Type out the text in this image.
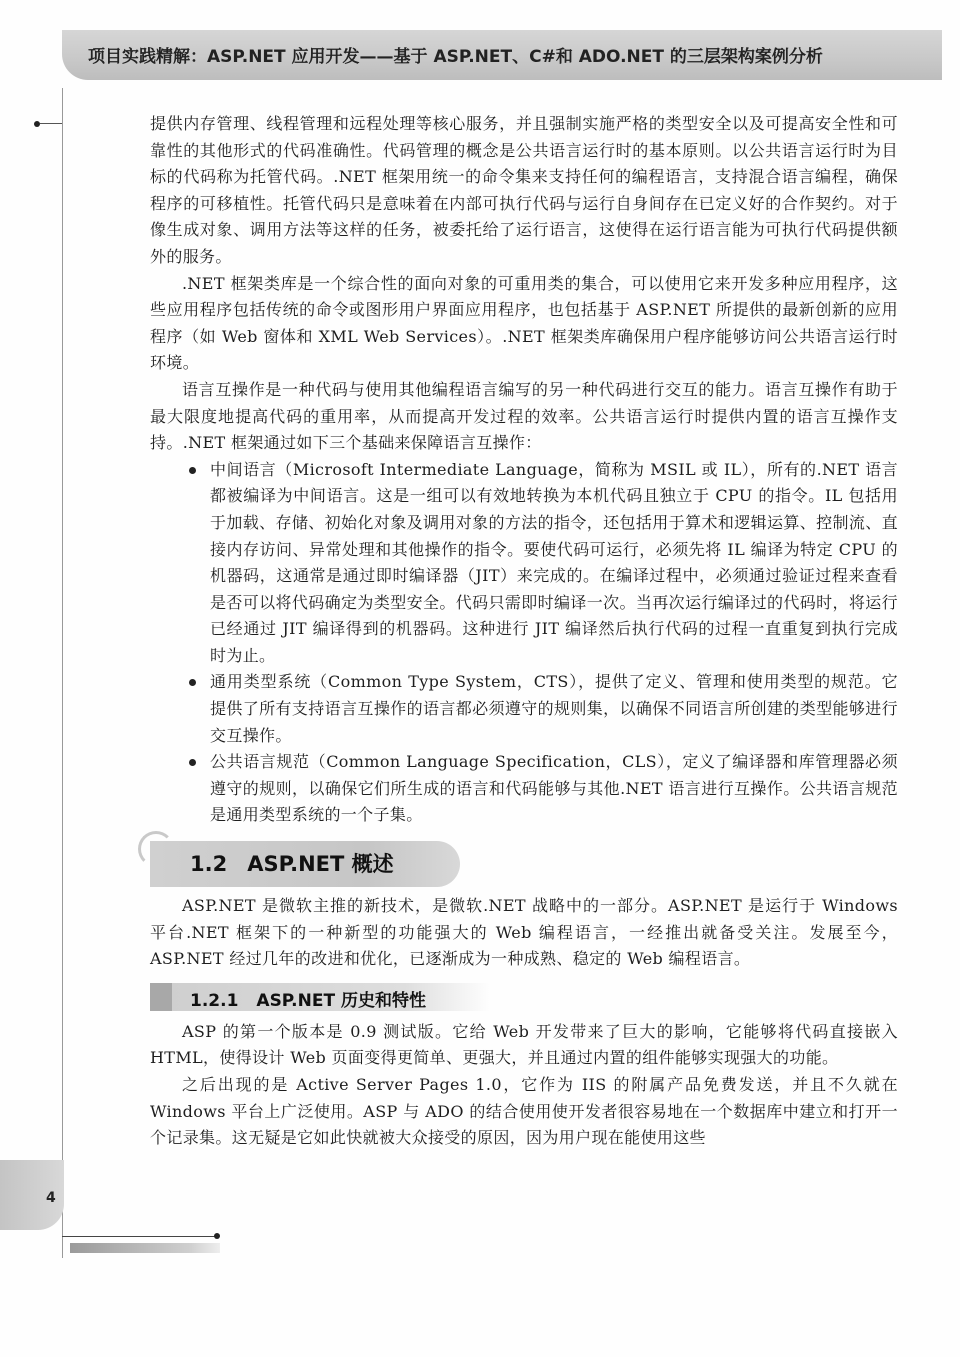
项目实践精解：ASP.NET 应用开发——基于 ASP.NET、C#和 ADO.NET 的三层架构案例分析

提供内存管理、线程管理和远程处理等核心服务，并且强制实施严格的类型安全以及可提高安全性和可靠性的其他形式的代码准确性。代码管理的概念是公共语言运行时的基本原则。以公共语言运行时为目标的代码称为托管代码。.NET 框架用统一的命令集来支持任何的编程语言，支持混合语言编程，确保程序的可移植性。托管代码只是意味着在内部可执行代码与运行自身间存在已定义好的合作契约。对于像生成对象、调用方法等这样的任务，被委托给了运行语言，这使得在运行语言能为可执行代码提供额外的服务。

.NET 框架类库是一个综合性的面向对象的可重用类的集合，可以使用它来开发多种应用程序，这些应用程序包括传统的命令或图形用户界面应用程序，也包括基于 ASP.NET 所提供的最新创新的应用程序（如 Web 窗体和 XML Web Services）。.NET 框架类库确保用户程序能够访问公共语言运行时环境。

语言互操作是一种代码与使用其他编程语言编写的另一种代码进行交互的能力。语言互操作有助于最大限度地提高代码的重用率，从而提高开发过程的效率。公共语言运行时提供内置的语言互操作支持。.NET 框架通过如下三个基础来保障语言互操作：

中间语言（Microsoft Intermediate Language，简称为 MSIL 或 IL），所有的.NET 语言都被编译为中间语言。这是一组可以有效地转换为本机代码且独立于 CPU 的指令。IL 包括用于加载、存储、初始化对象及调用对象的方法的指令，还包括用于算术和逻辑运算、控制流、直接内存访问、异常处理和其他操作的指令。要使代码可运行，必须先将 IL 编译为特定 CPU 的机器码，这通常是通过即时编译器（JIT）来完成的。在编译过程中，必须通过验证过程来查看是否可以将代码确定为类型安全。代码只需即时编译一次。当再次运行编译过的代码时，将运行已经通过 JIT 编译得到的机器码。这种进行 JIT 编译然后执行代码的过程一直重复到执行完成时为止。
通用类型系统（Common Type System，CTS），提供了定义、管理和使用类型的规范。它提供了所有支持语言互操作的语言都必须遵守的规则集，以确保不同语言所创建的类型能够进行交互操作。
公共语言规范（Common Language Specification，CLS），定义了编译器和库管理器必须遵守的规则，以确保它们所生成的语言和代码能够与其他.NET 语言进行互操作。公共语言规范是通用类型系统的一个子集。
1.2 ASP.NET 概述

ASP.NET 是微软主推的新技术，是微软.NET 战略中的一部分。ASP.NET 是运行于 Windows 平台.NET 框架下的一种新型的功能强大的 Web 编程语言，一经推出就备受关注。发展至今，ASP.NET 经过几年的改进和优化，已逐渐成为一种成熟、稳定的 Web 编程语言。

1.2.1 ASP.NET 历史和特性

ASP 的第一个版本是 0.9 测试版。它给 Web 开发带来了巨大的影响，它能够将代码直接嵌入 HTML，使得设计 Web 页面变得更简单、更强大，并且通过内置的组件能够实现强大的功能。

之后出现的是 Active Server Pages 1.0，它作为 IIS 的附属产品免费发送，并且不久就在 Windows 平台上广泛使用。ASP 与 ADO 的结合使用使开发者很容易地在一个数据库中建立和打开一个记录集。这无疑是它如此快就被大众接受的原因，因为用户现在能使用这些

4
